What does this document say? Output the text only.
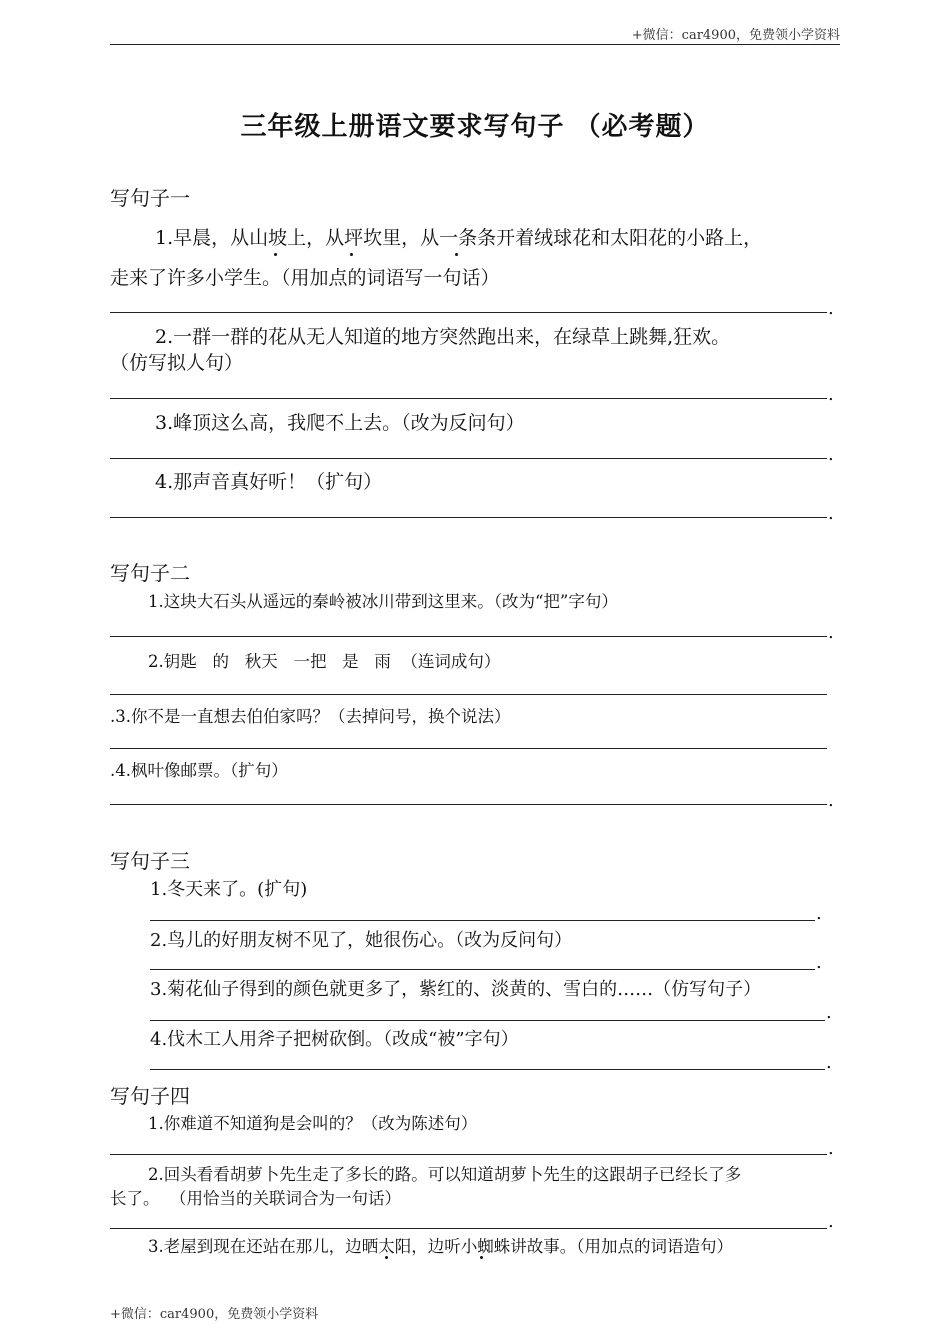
+微信：car4900，免费领小学资料
三年级上册语文要求写句子 （必考题）
写句子一
1.早晨，从山坡上，从坪坎里，从一条条开着绒球花和太阳花的小路上，
走来了许多小学生。（用加点的词语写一句话）
.
2.一群一群的花从无人知道的地方突然跑出来，在绿草上跳舞,狂欢。
（仿写拟人句）
.
3.峰顶这么高，我爬不上去。（改为反问句）
.
4.那声音真好听！（扩句）
.
写句子二
1.这块大石头从遥远的秦岭被冰川带到这里来。（改为“把”字句）
.
2.钥匙   的   秋天   一把   是   雨  （连词成句）
.3.你不是一直想去伯伯家吗？（去掉问号，换个说法）
.4.枫叶像邮票。（扩句）
.
写句子三
1.冬天来了。(扩句)
.
2.鸟儿的好朋友树不见了，她很伤心。（改为反问句）
.
3.菊花仙子得到的颜色就更多了，紫红的、淡黄的、雪白的……（仿写句子）
.
4.伐木工人用斧子把树砍倒。（改成“被”字句）
.
写句子四
1.你难道不知道狗是会叫的？（改为陈述句）
.
2.回头看看胡萝卜先生走了多长的路。可以知道胡萝卜先生的这跟胡子已经长了多
长了。  （用恰当的关联词合为一句话）
.
3.老屋到现在还站在那儿，边晒太阳，边听小蜘蛛讲故事。（用加点的词语造句）
+微信：car4900，免费领小学资料
